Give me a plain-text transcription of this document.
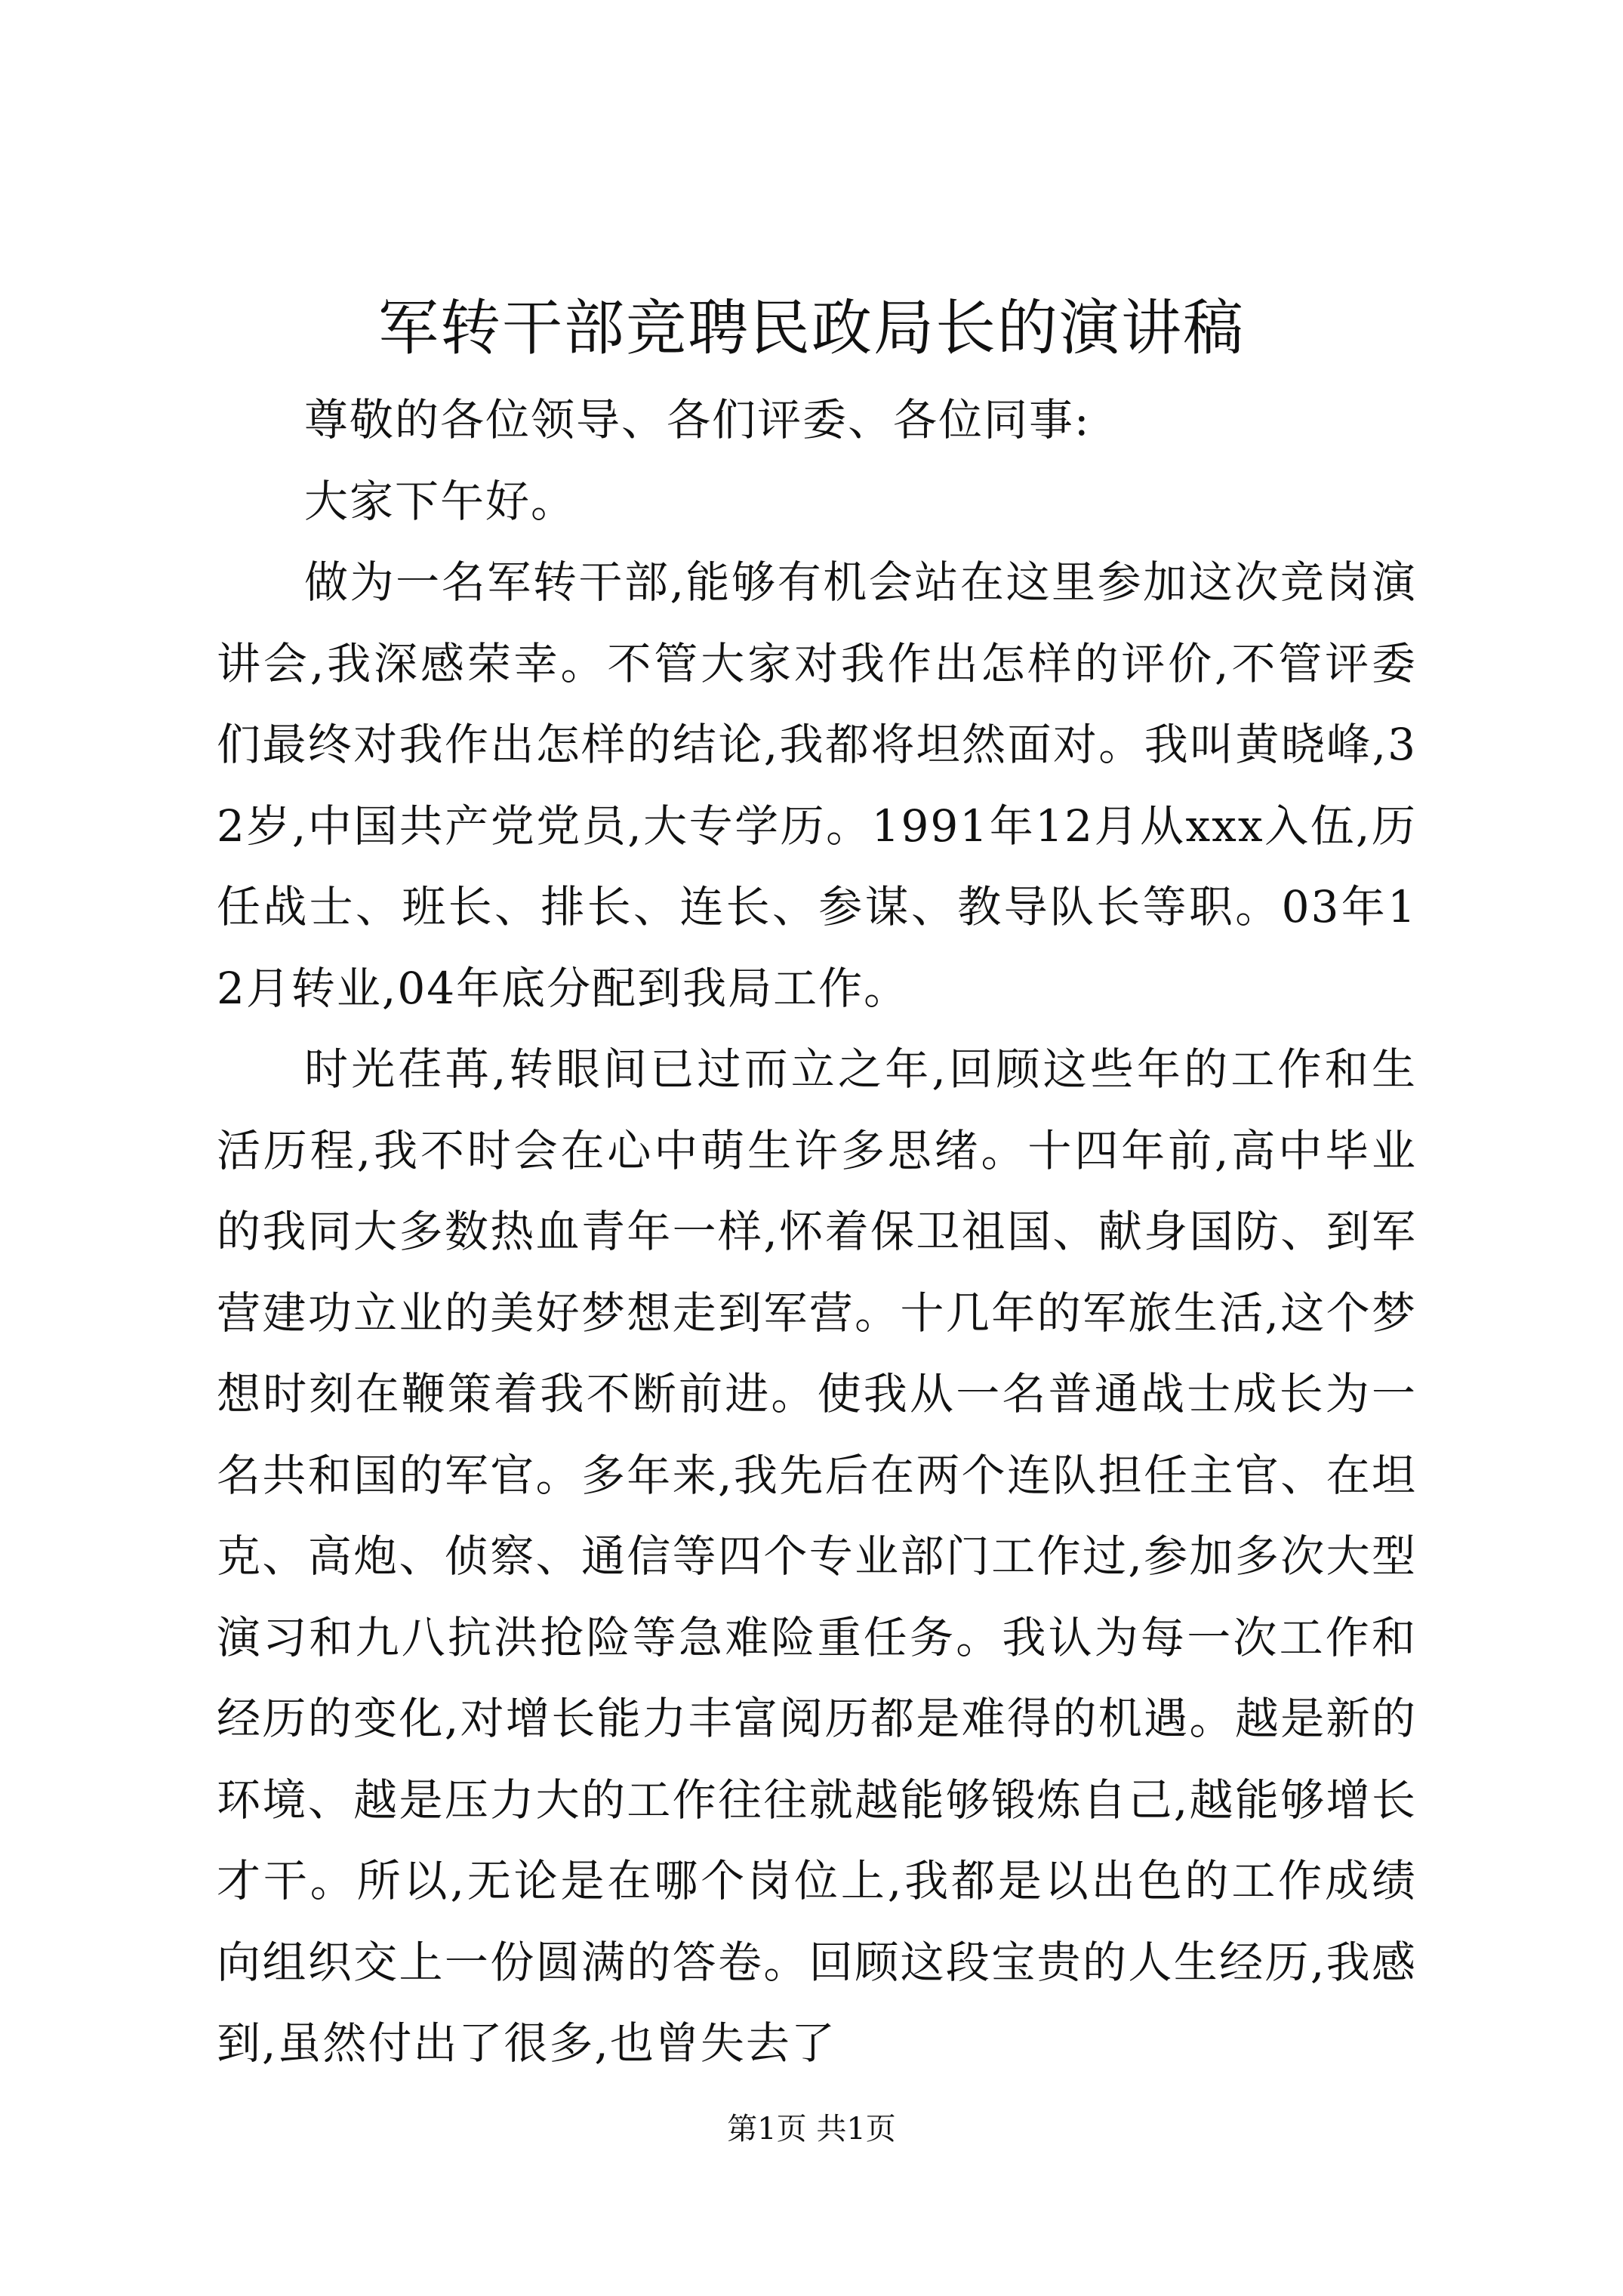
军转干部竞聘民政局长的演讲稿

尊敬的各位领导、各们评委、各位同事:

大家下午好。

做为一名军转干部,能够有机会站在这里参加这次竞岗演讲会,我深感荣幸。不管大家对我作出怎样的评价,不管评委们最终对我作出怎样的结论,我都将坦然面对。我叫黄晓峰,32岁,中国共产党党员,大专学历。1991年12月从xxx入伍,历任战士、班长、排长、连长、参谋、教导队长等职。03年12月转业,04年底分配到我局工作。

时光荏苒,转眼间已过而立之年,回顾这些年的工作和生活历程,我不时会在心中萌生许多思绪。十四年前,高中毕业的我同大多数热血青年一样,怀着保卫祖国、献身国防、到军营建功立业的美好梦想走到军营。十几年的军旅生活,这个梦想时刻在鞭策着我不断前进。使我从一名普通战士成长为一名共和国的军官。多年来,我先后在两个连队担任主官、在坦克、高炮、侦察、通信等四个专业部门工作过,参加多次大型演习和九八抗洪抢险等急难险重任务。我认为每一次工作和经历的变化,对增长能力丰富阅历都是难得的机遇。越是新的环境、越是压力大的工作往往就越能够锻炼自己,越能够增长才干。所以,无论是在哪个岗位上,我都是以出色的工作成绩向组织交上一份圆满的答卷。回顾这段宝贵的人生经历,我感到,虽然付出了很多,也曾失去了

第1页 共1页
